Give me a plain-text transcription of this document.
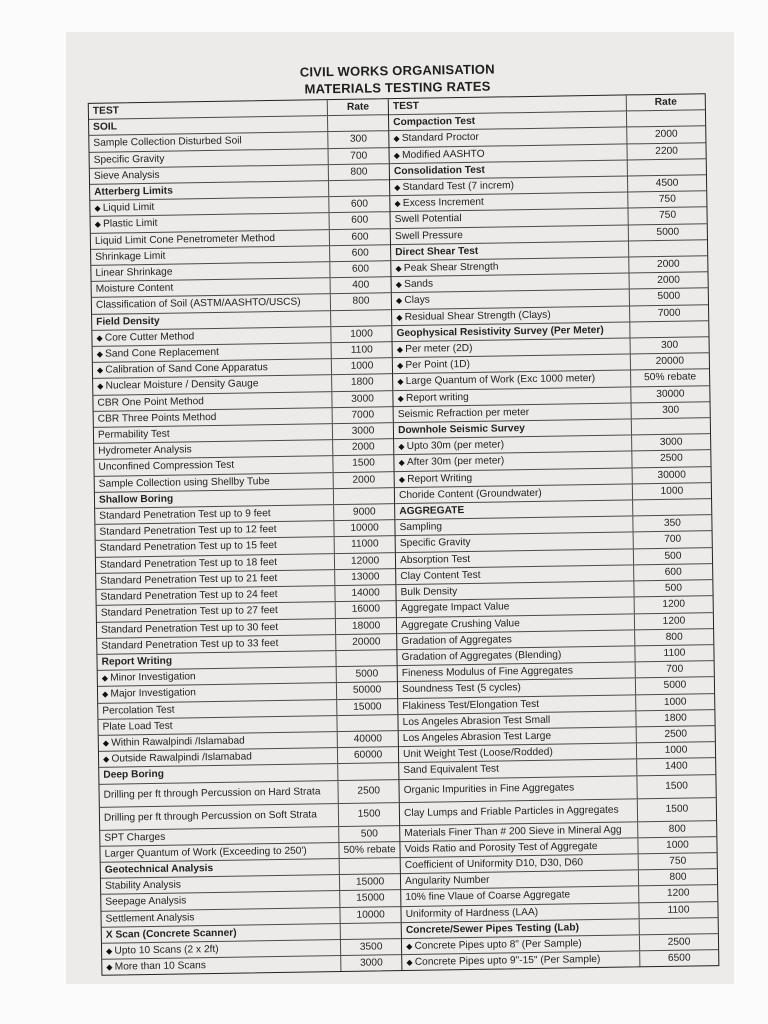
CIVIL WORKS ORGANISATION
MATERIALS TESTING RATES
TEST	Rate
SOIL
Sample Collection Disturbed Soil	300
Specific Gravity	700
Sieve Analysis	800
Atterberg Limits
◆ Liquid Limit	600
◆ Plastic Limit	600
Liquid Limit Cone Penetrometer Method	600
Shrinkage Limit	600
Linear Shrinkage	600
Moisture Content	400
Classification of Soil (ASTM/AASHTO/USCS)	800
Field Density
◆ Core Cutter Method	1000
◆ Sand Cone Replacement	1100
◆ Calibration of Sand Cone Apparatus	1000
◆ Nuclear Moisture / Density Gauge	1800
CBR One Point Method	3000
CBR Three Points Method	7000
Permability Test	3000
Hydrometer Analysis	2000
Unconfined Compression Test	1500
Sample Collection using Shellby Tube	2000
Shallow Boring
Standard Penetration Test up to 9 feet	9000
Standard Penetration Test up to 12 feet	10000
Standard Penetration Test up to 15 feet	11000
Standard Penetration Test up to 18 feet	12000
Standard Penetration Test up to 21 feet	13000
Standard Penetration Test up to 24 feet	14000
Standard Penetration Test up to 27 feet	16000
Standard Penetration Test up to 30 feet	18000
Standard Penetration Test up to 33 feet	20000
Report Writing
◆ Minor Investigation	5000
◆ Major Investigation	50000
Percolation Test	15000
Plate Load Test
◆ Within Rawalpindi /Islamabad	40000
◆ Outside Rawalpindi /Islamabad	60000
Deep Boring
Drilling per ft through Percussion on Hard Strata	2500
Drilling per ft through Percussion on Soft Strata	1500
SPT Charges	500
Larger Quantum of Work (Exceeding to 250')	50% rebate
Geotechnical Analysis
Stability Analysis	15000
Seepage Analysis	15000
Settlement Analysis	10000
X Scan (Concrete Scanner)
◆ Upto 10 Scans (2 x 2ft)	3500
◆ More than 10 Scans	3000
TEST	Rate
Compaction Test
◆ Standard Proctor	2000
◆ Modified AASHTO	2200
Consolidation Test
◆ Standard Test (7 increm)	4500
◆ Excess Increment	750
Swell Potential	750
Swell Pressure	5000
Direct Shear Test
◆ Peak Shear Strength	2000
◆ Sands	2000
◆ Clays	5000
◆ Residual Shear Strength (Clays)	7000
Geophysical Resistivity Survey (Per Meter)
◆ Per meter (2D)	300
◆ Per Point (1D)	20000
◆ Large Quantum of Work (Exc 1000 meter)	50% rebate
◆ Report writing	30000
Seismic Refraction per meter	300
Downhole Seismic Survey
◆ Upto 30m (per meter)	3000
◆ After 30m (per meter)	2500
◆ Report Writing	30000
Choride Content (Groundwater)	1000
AGGREGATE
Sampling	350
Specific Gravity	700
Absorption Test	500
Clay Content Test	600
Bulk Density	500
Aggregate Impact Value	1200
Aggregate Crushing Value	1200
Gradation of Aggregates	800
Gradation of Aggregates (Blending)	1100
Fineness Modulus of Fine Aggregates	700
Soundness Test (5 cycles)	5000
Flakiness Test/Elongation Test	1000
Los Angeles Abrasion Test Small	1800
Los Angeles Abrasion Test Large	2500
Unit Weight Test (Loose/Rodded)	1000
Sand Equivalent Test	1400
Organic Impurities in Fine Aggregates	1500
Clay Lumps and Friable Particles in Aggregates	1500
Materials Finer Than # 200 Sieve in Mineral Agg	800
Voids Ratio and Porosity Test of Aggregate	1000
Coefficient of Uniformity D10, D30, D60	750
Angularity Number	800
10% fine Vlaue of Coarse Aggregate	1200
Uniformity of Hardness (LAA)	1100
Concrete/Sewer Pipes Testing (Lab)
◆ Concrete Pipes upto 8" (Per Sample)	2500
◆ Concrete Pipes upto 9"-15" (Per Sample)	6500
